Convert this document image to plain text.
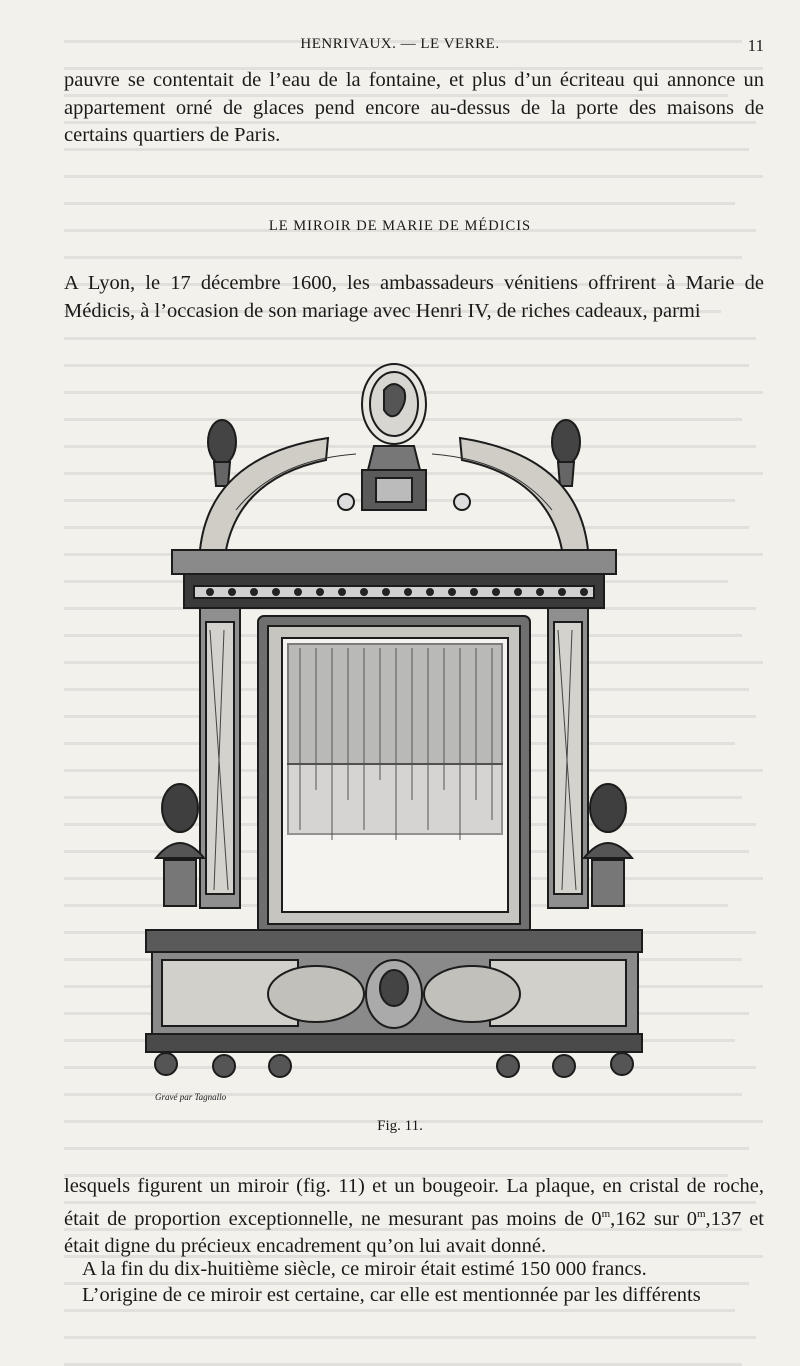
HENRIVAUX. — LE VERRE.	11

pauvre se contentait de l’eau de la fontaine, et plus d’un écriteau qui annonce un appartement orné de glaces pend encore au-dessus de la porte des maisons de certains quartiers de Paris.

LE MIROIR DE MARIE DE MÉDICIS

A Lyon, le 17 décembre 1600, les ambassadeurs vénitiens offrirent à Marie de Médicis, à l’occasion de son mariage avec Henri IV, de riches cadeaux, parmi

Gravé par Tagnallo
Fig. 11.

lesquels figurent un miroir (fig. 11) et un bougeoir. La plaque, en cristal de roche, était de proportion exceptionnelle, ne mesurant pas moins de 0$^m$,162 sur 0$^m$,137 et était digne du précieux encadrement qu’on lui avait donné.

A la fin du dix-huitième siècle, ce miroir était estimé 150 000 francs.

L’origine de ce miroir est certaine, car elle est mentionnée par les différents
